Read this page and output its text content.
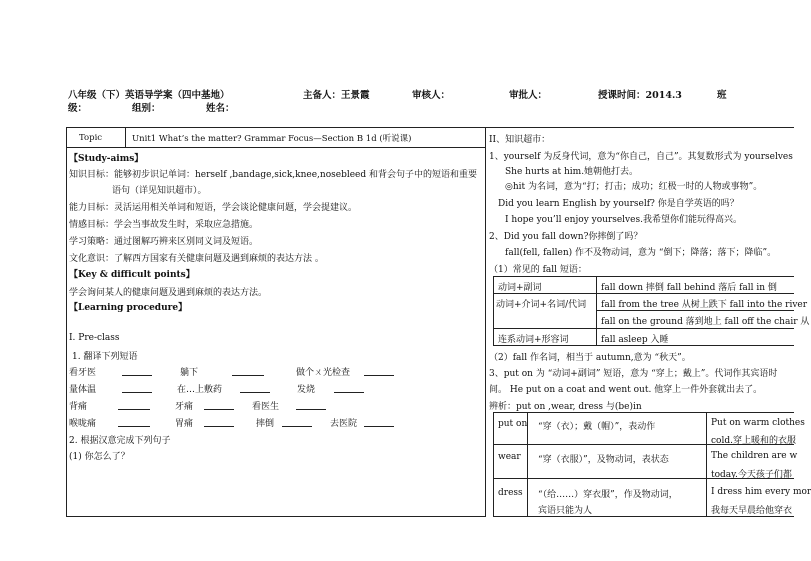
八年级（下）英语导学案（四中基地）	主备人：王景霞	审核人：	审批人：	授课时间：2014.3	班
级：	组别：	姓名：
Topic	Unit1 What’s the matter? Grammar Focus—Section B 1d (听说课)
【Study-aims】
知识目标：能够初步识记单词：herself ,bandage,sick,knee,nosebleed 和背会句子中的短语和重要
语句（详见知识超市）。
能力目标：灵活运用相关单词和短语，学会谈论健康问题，学会提建议。
情感目标：学会当事故发生时，采取应急措施。
学习策略：通过图解巧辨来区别同义词及短语。
文化意识：了解西方国家有关健康问题及遇到麻烦的表达方法 。
【Key & difficult points】
学会询问某人的健康问题及遇到麻烦的表达方法。
【Learning procedure】
I. Pre-class
1. 翻译下列短语
看牙医	躺下	做个ㄨ光检查
量体温	在…上敷药	发烧
背痛	牙痛	看医生
喉咙痛	胃痛	摔倒	去医院
2. 根据汉意完成下列句子
(1) 你怎么了？
II、知识超市：
1、yourself 为反身代词，意为“你自己，自己”。其复数形式为 yourselves
She hurts at him.她朝他打去。
◎hit 为名词，意为“打；打击；成功；红极一时的人物或事物”。
Did you learn English by yourself? 你是自学英语的吗？
I hope you’ll enjoy yourselves.我希望你们能玩得高兴。
2、Did you fall down?你摔倒了吗？
fall(fell, fallen) 作不及物动词，意为 “倒下；降落；落下；降临”。
（1）常见的 fall 短语：
动词+副词	fall down 摔倒 fall behind 落后 fall in 倒
动词+介词+名词/代词 fall from the tree 从树上跌下 fall into the river
fall on the ground 落到地上 fall off the chair 从
连系动词+形容词	fall asleep 入睡
（2）fall 作名词，相当于 autumn,意为 “秋天”。
3、put on 为 “动词+副词” 短语，意为 “穿上；戴上”。代词作其宾语时
间。 He put on a coat and went out. 他穿上一件外套就出去了。
辨析：put on ,wear, dress 与(be)in
put on “穿（衣）；戴（帽）”，表动作	Put on warm clothes
cold.穿上暖和的衣服
wear “穿（衣服）”，及物动词，表状态	The children are w
today.今天孩子们都
dress “（给……）穿衣服”，作及物动词，
宾语只能为人
I dress him every mor
我每天早晨给他穿衣
